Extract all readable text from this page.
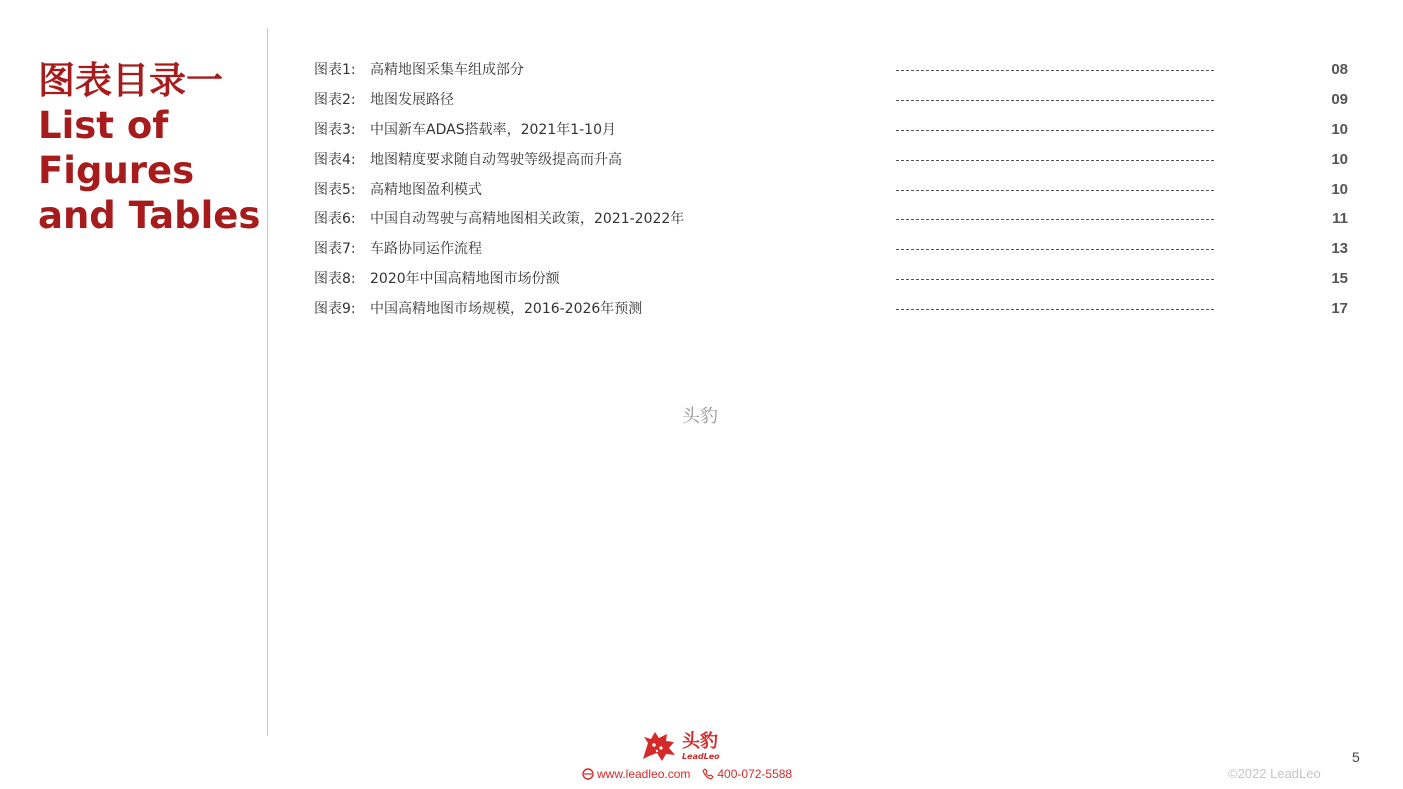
图表目录一
List of
Figures
and Tables
图表1: 高精地图采集车组成部分	08
图表2: 地图发展路径	09
图表3: 中国新车ADAS搭载率，2021年1-10月	10
图表4: 地图精度要求随自动驾驶等级提高而升高	10
图表5: 高精地图盈利模式	10
图表6: 中国自动驾驶与高精地图相关政策，2021-2022年	11
图表7: 车路协同运作流程	13
图表8: 2020年中国高精地图市场份额	15
图表9: 中国高精地图市场规模，2016-2026年预测	17
头豹
头豹
LeadLeo
www.leadleo.com 400-072-5588
5
©2022 LeadLeo
